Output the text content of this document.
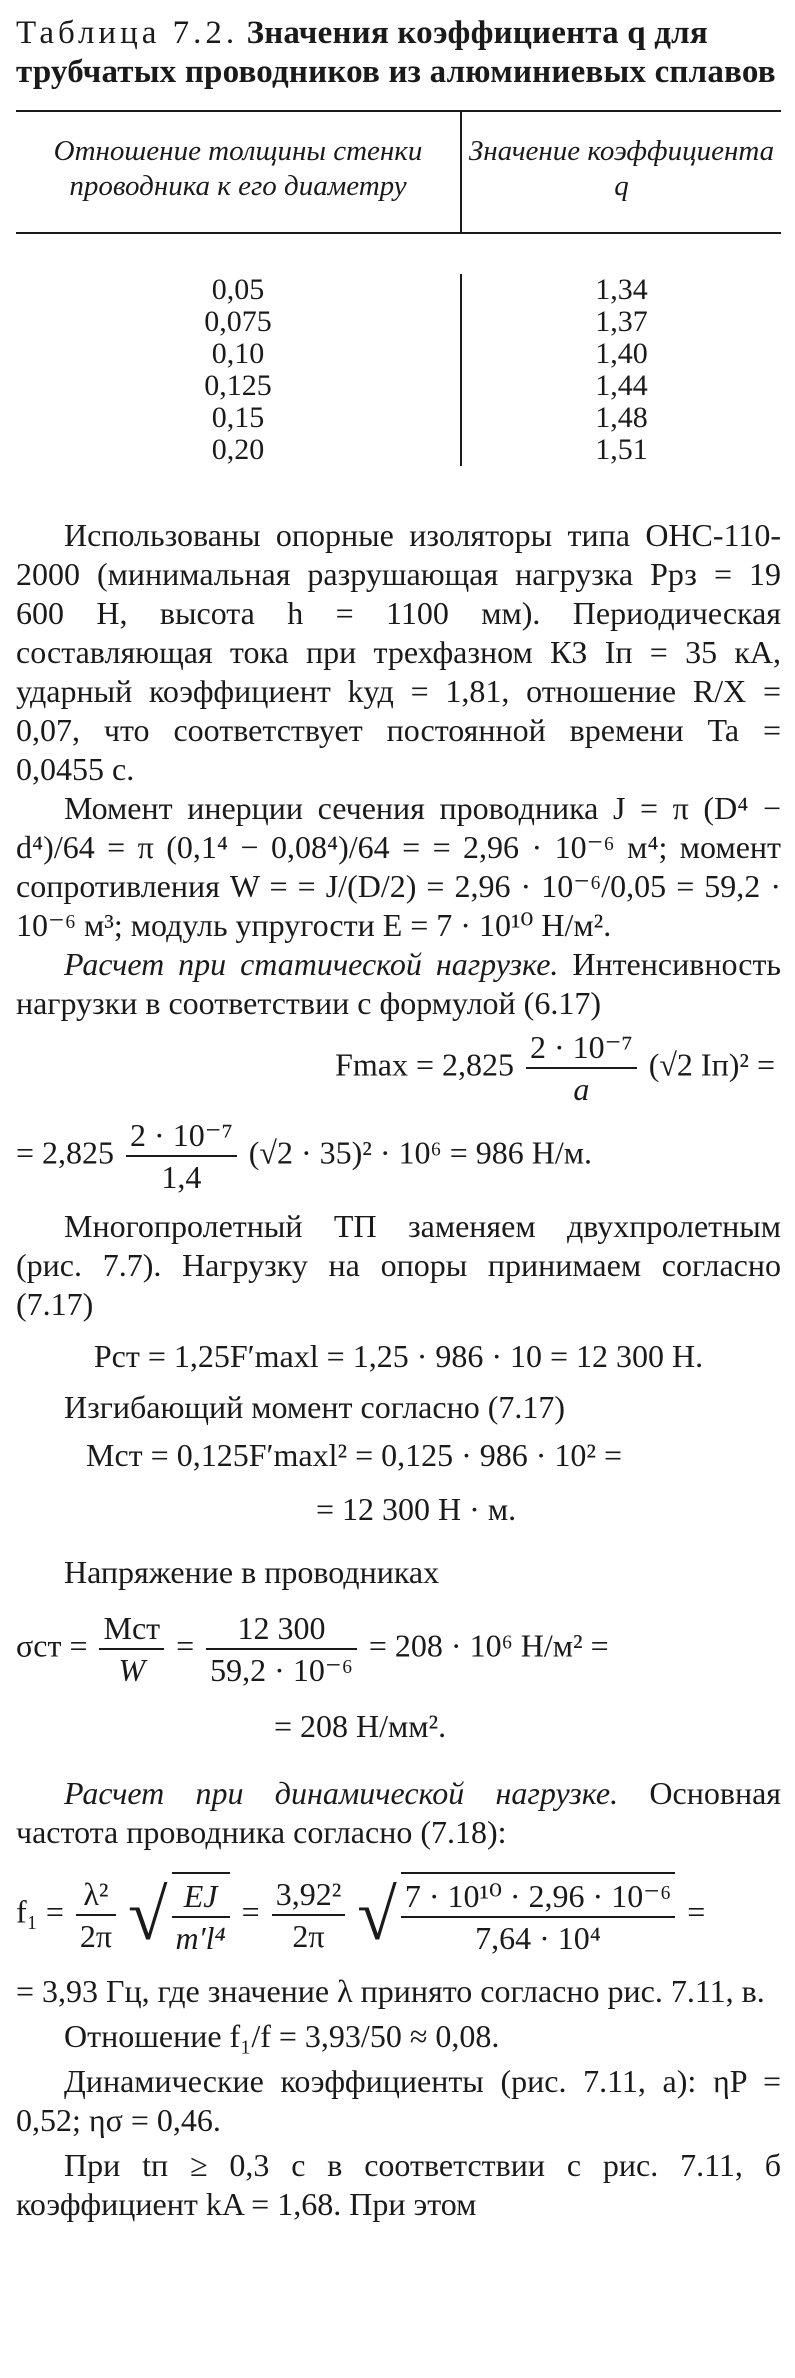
Таблица 7.2. Значения коэффициента q для трубчатых проводников из алюминиевых сплавов
Отношение толщины стенки проводника к его диаметру
Значение коэффициента q
0,05
0,075
0,10
0,125
0,15
0,20
1,34
1,37
1,40
1,44
1,48
1,51

Использованы опорные изоляторы типа ОНС-110-2000 (минимальная разрушающая нагрузка Pрз = 19 600 Н, высота h = 1100 мм). Периодическая составляющая тока при трехфазном КЗ Iп = 35 кА, ударный коэффициент kуд = 1,81, отношение R/X = 0,07, что соответствует постоянной времени Ta = 0,0455 с.

Момент инерции сечения проводника J = π (D⁴ − d⁴)/64 = π (0,1⁴ − 0,08⁴)/64 = = 2,96 · 10⁻⁶ м⁴; момент сопротивления W = = J/(D/2) = 2,96 · 10⁻⁶/0,05 = 59,2 · 10⁻⁶ м³; модуль упругости E = 7 · 10¹⁰ Н/м².

Расчет при статической нагрузке. Интенсивность нагрузки в соответствии с формулой (6.17)

$Fmax = 2,825 \frac{\text{2 · 10⁻⁷}}{a} (√2$ Iп)² =
= $2,825 \frac{\text{2 · 10⁻⁷}}{1,4} (√2 \cdot 35)^2 \cdot 10^6 = 986$ Н/м.

Многопролетный ТП заменяем двухпролетным (рис. 7.7). Нагрузку на опоры принимаем согласно (7.17)

Pст = 1,25F′maxl = 1,25 · 986 · 10 = 12 300 Н.

Изгибающий момент согласно (7.17)

Mст = 0,125F′maxl² = 0,125 · 986 · 10² =

= 12 300 Н · м.

Напряжение в проводниках

$\sigma ст = \frac{\text{Mст}}{W} = \frac{12 300}{\text{59,2 · 10⁻⁶}} = 208 \cdot 10^6$ Н/м² =

= 208 Н/мм².

Расчет при динамической нагрузке. Основная частота проводника согласно (7.18):

$f_1 = \frac{\text{λ²}}{2\pi}$ √ $\frac{EJ}{\text{m′l⁴}} = \frac{\text{3,92²}}{2\pi}$ √ $\frac{\text{7 · 10¹⁰ · 2,96 · 10⁻⁶}}{\text{7,64 · 10⁴}}$ =

= 3,93 Гц, где значение λ принято согласно рис. 7.11, в.

Отношение f₁/f = 3,93/50 ≈ 0,08.

Динамические коэффициенты (рис. 7.11, а): ηP = 0,52; ησ = 0,46.

При tп ≥ 0,3 с в соответствии с рис. 7.11, б коэффициент kA = 1,68. При этом
